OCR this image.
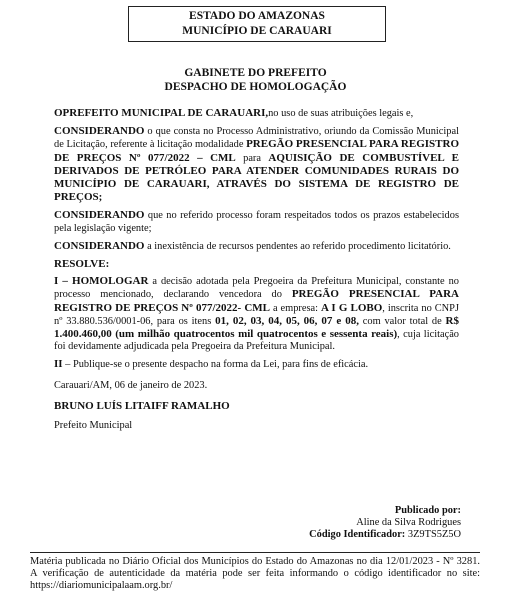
ESTADO DO AMAZONAS
MUNICÍPIO DE CARAUARI
GABINETE DO PREFEITO
DESPACHO DE HOMOLOGAÇÃO

OPREFEITO MUNICIPAL DE CARAUARI,no uso de suas atribuições legais e,

CONSIDERANDO o que consta no Processo Administrativo, oriundo da Comissão Municipal de Licitação, referente à licitação modalidade PREGÃO PRESENCIAL PARA REGISTRO DE PREÇOS Nº 077/2022 – CML para AQUISIÇÃO DE COMBUSTÍVEL E DERIVADOS DE PETRÓLEO PARA ATENDER COMUNIDADES RURAIS DO MUNICÍPIO DE CARAUARI, ATRAVÉS DO SISTEMA DE REGISTRO DE PREÇOS;

CONSIDERANDO que no referido processo foram respeitados todos os prazos estabelecidos pela legislação vigente;

CONSIDERANDO a inexistência de recursos pendentes ao referido procedimento licitatório.

RESOLVE:

I – HOMOLOGAR a decisão adotada pela Pregoeira da Prefeitura Municipal, constante no processo mencionado, declarando vencedora do PREGÃO PRESENCIAL PARA REGISTRO DE PREÇOS Nº 077/2022- CML a empresa: A I G LOBO, inscrita no CNPJ nº 33.880.536/0001-06, para os itens 01, 02, 03, 04, 05, 06, 07 e 08, com valor total de R$ 1.400.460,00 (um milhão quatrocentos mil quatrocentos e sessenta reais), cuja licitação foi devidamente adjudicada pela Pregoeira da Prefeitura Municipal.

II – Publique-se o presente despacho na forma da Lei, para fins de eficácia.

Carauari/AM, 06 de janeiro de 2023.

BRUNO LUÍS LITAIFF RAMALHO

Prefeito Municipal

Publicado por:
Aline da Silva Rodrigues
Código Identificador: 3Z9TS5Z5O
Matéria publicada no Diário Oficial dos Municípios do Estado do Amazonas no dia 12/01/2023 - Nº 3281. A verificação de autenticidade da matéria pode ser feita informando o código identificador no site: https://diariomunicipalaam.org.br/
